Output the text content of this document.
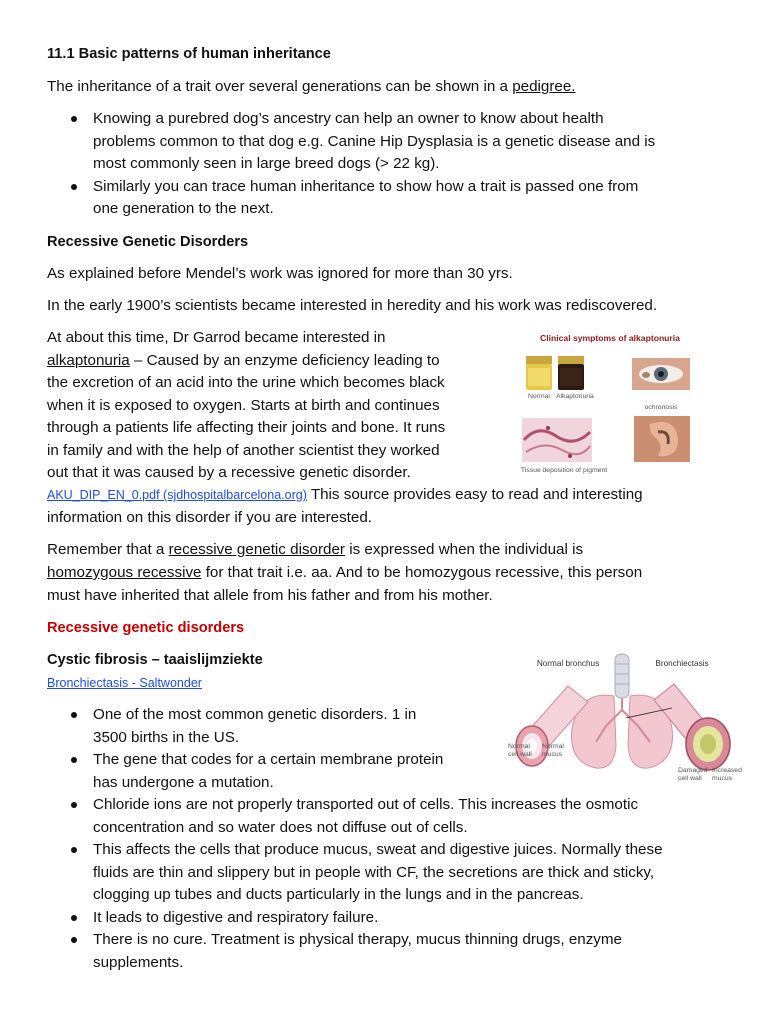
11.1 Basic patterns of human inheritance
The inheritance of a trait over several generations can be shown in a pedigree.
Knowing a purebred dog’s ancestry can help an owner to know about health
problems common to that dog e.g. Canine Hip Dysplasia is a genetic disease and is
most commonly seen in large breed dogs (> 22 kg).
Similarly you can trace human inheritance to show how a trait is passed one from
one generation to the next.
Recessive Genetic Disorders
As explained before Mendel’s work was ignored for more than 30 yrs.
In the early 1900’s scientists became interested in heredity and his work was rediscovered.
At about this time, Dr Garrod became interested in
alkaptonuria – Caused by an enzyme deficiency leading to
the excretion of an acid into the urine which becomes black
when it is exposed to oxygen. Starts at birth and continues
through a patients life affecting their joints and bone. It runs
in family and with the help of another scientist they worked
out that it was caused by a recessive genetic disorder.
AKU_DIP_EN_0.pdf (sjdhospitalbarcelona.org) This source provides easy to read and interesting
information on this disorder if you are interested.
Clinical symptoms of alkaptonuria
Normal Alkaptonuria
ochronosis
Tissue deposition of pigment
Remember that a recessive genetic disorder is expressed when the individual is
homozygous recessive for that trait i.e. aa. And to be homozygous recessive, this person
must have inherited that allele from his father and from his mother.
Recessive genetic disorders
Cystic fibrosis – taaislijmziekte
Bronchiectasis - Saltwonder
Normal bronchus	Bronchiectasis
Normal
cell wall
Normal
mucus
Damaged
cell wall
Increased
mucus
One of the most common genetic disorders. 1 in
3500 births in the US.
The gene that codes for a certain membrane protein
has undergone a mutation.
Chloride ions are not properly transported out of cells. This increases the osmotic
concentration and so water does not diffuse out of cells.
This affects the cells that produce mucus, sweat and digestive juices. Normally these
fluids are thin and slippery but in people with CF, the secretions are thick and sticky,
clogging up tubes and ducts particularly in the lungs and in the pancreas.
It leads to digestive and respiratory failure.
There is no cure. Treatment is physical therapy, mucus thinning drugs, enzyme
supplements.
